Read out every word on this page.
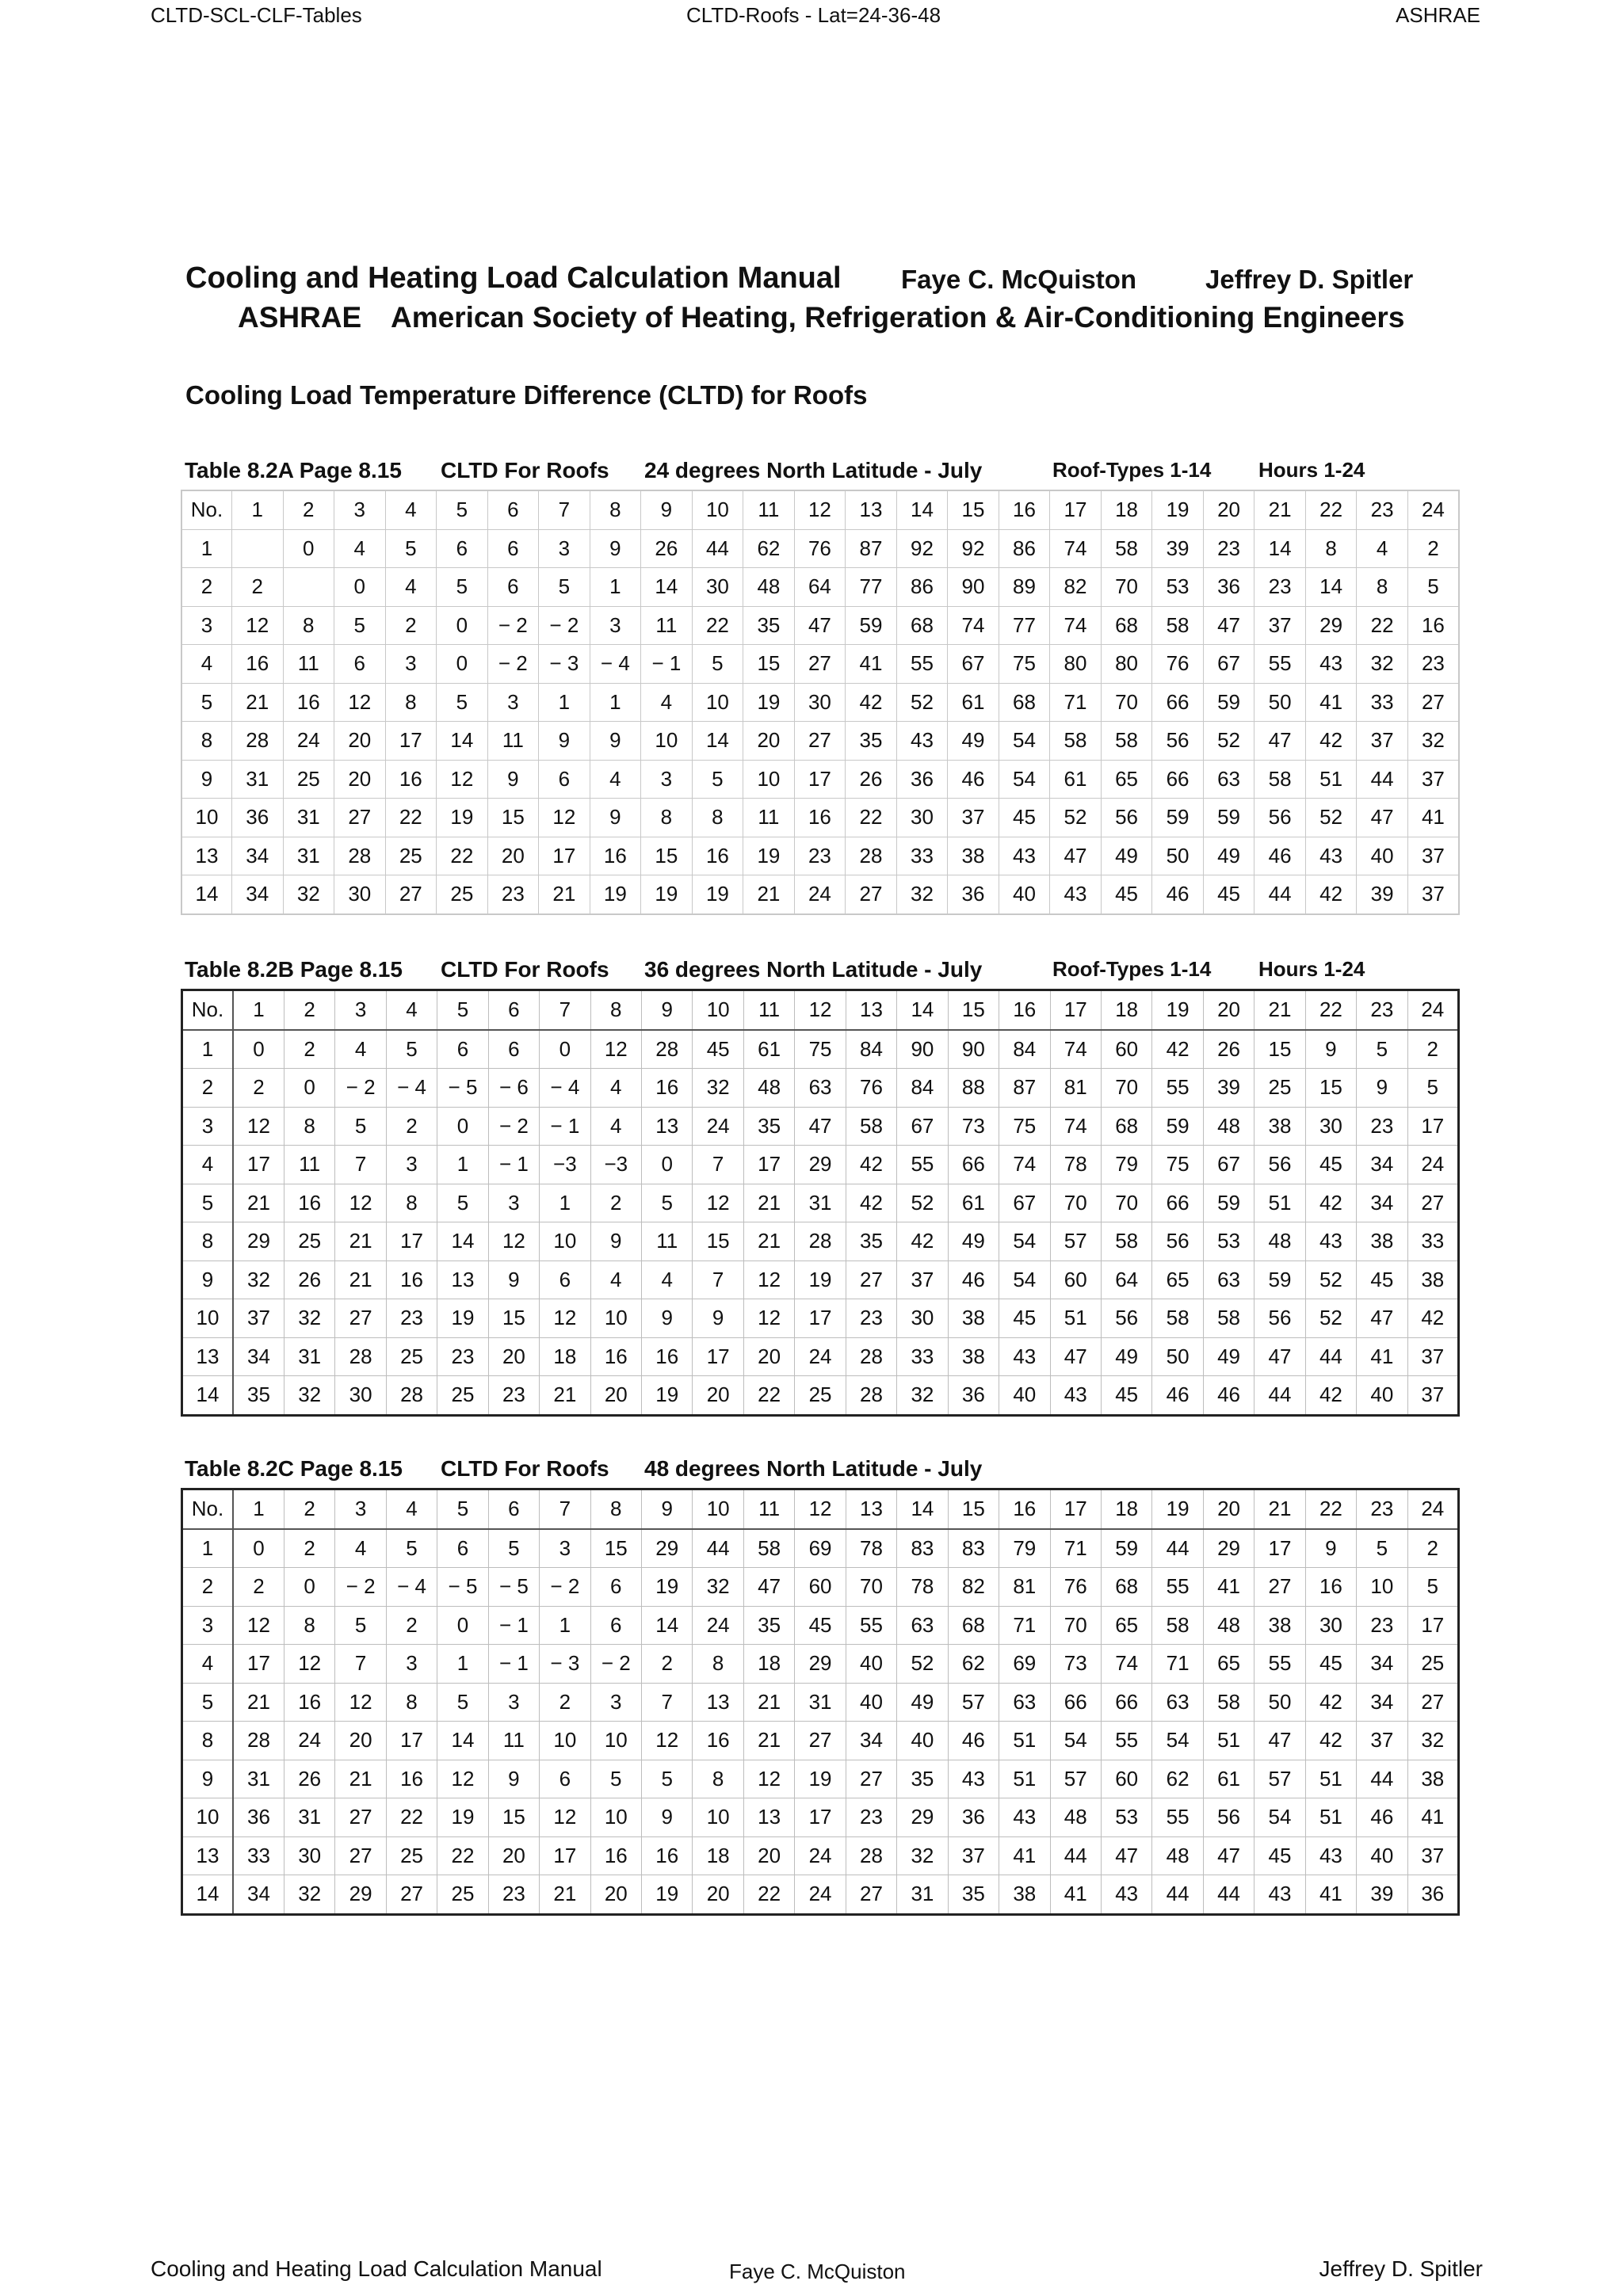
CLTD-SCL-CLF-Tables	CLTD-Roofs - Lat=24-36-48	ASHRAE
Cooling and Heating Load Calculation Manual Faye C. McQuiston	Jeffrey D. Spitler
ASHRAE American Society of Heating, Refrigeration & Air-Conditioning Engineers
Cooling Load Temperature Difference (CLTD) for Roofs
Table 8.2A Page 8.15 CLTD For Roofs 24 degrees North Latitude - July	Roof-Types 1-14 Hours 1-24
No.	1	2	3	4	5	6	7	8	9	10	11	12	13	14	15	16	17	18	19	20	21	22	23	24
1		0	4	5	6	6	3	9	26	44	62	76	87	92	92	86	74	58	39	23	14	8	4	2
2	2		0	4	5	6	5	1	14	30	48	64	77	86	90	89	82	70	53	36	23	14	8	5
3	12	8	5	2	0	− 2	− 2	3	11	22	35	47	59	68	74	77	74	68	58	47	37	29	22	16
4	16	11	6	3	0	− 2	− 3	− 4	− 1	5	15	27	41	55	67	75	80	80	76	67	55	43	32	23
5	21	16	12	8	5	3	1	1	4	10	19	30	42	52	61	68	71	70	66	59	50	41	33	27
8	28	24	20	17	14	11	9	9	10	14	20	27	35	43	49	54	58	58	56	52	47	42	37	32
9	31	25	20	16	12	9	6	4	3	5	10	17	26	36	46	54	61	65	66	63	58	51	44	37
10	36	31	27	22	19	15	12	9	8	8	11	16	22	30	37	45	52	56	59	59	56	52	47	41
13	34	31	28	25	22	20	17	16	15	16	19	23	28	33	38	43	47	49	50	49	46	43	40	37
14	34	32	30	27	25	23	21	19	19	19	21	24	27	32	36	40	43	45	46	45	44	42	39	37
Table 8.2B Page 8.15 CLTD For Roofs 36 degrees North Latitude - July	Roof-Types 1-14 Hours 1-24
No.	1	2	3	4	5	6	7	8	9	10	11	12	13	14	15	16	17	18	19	20	21	22	23	24
1	0	2	4	5	6	6	0	12	28	45	61	75	84	90	90	84	74	60	42	26	15	9	5	2
2	2	0	− 2	− 4	− 5	− 6	− 4	4	16	32	48	63	76	84	88	87	81	70	55	39	25	15	9	5
3	12	8	5	2	0	− 2	− 1	4	13	24	35	47	58	67	73	75	74	68	59	48	38	30	23	17
4	17	11	7	3	1	− 1	−3	−3	0	7	17	29	42	55	66	74	78	79	75	67	56	45	34	24
5	21	16	12	8	5	3	1	2	5	12	21	31	42	52	61	67	70	70	66	59	51	42	34	27
8	29	25	21	17	14	12	10	9	11	15	21	28	35	42	49	54	57	58	56	53	48	43	38	33
9	32	26	21	16	13	9	6	4	4	7	12	19	27	37	46	54	60	64	65	63	59	52	45	38
10	37	32	27	23	19	15	12	10	9	9	12	17	23	30	38	45	51	56	58	58	56	52	47	42
13	34	31	28	25	23	20	18	16	16	17	20	24	28	33	38	43	47	49	50	49	47	44	41	37
14	35	32	30	28	25	23	21	20	19	20	22	25	28	32	36	40	43	45	46	46	44	42	40	37
Table 8.2C Page 8.15 CLTD For Roofs 48 degrees North Latitude - July
No.	1	2	3	4	5	6	7	8	9	10	11	12	13	14	15	16	17	18	19	20	21	22	23	24
1	0	2	4	5	6	5	3	15	29	44	58	69	78	83	83	79	71	59	44	29	17	9	5	2
2	2	0	− 2	− 4	− 5	− 5	− 2	6	19	32	47	60	70	78	82	81	76	68	55	41	27	16	10	5
3	12	8	5	2	0	− 1	1	6	14	24	35	45	55	63	68	71	70	65	58	48	38	30	23	17
4	17	12	7	3	1	− 1	− 3	− 2	2	8	18	29	40	52	62	69	73	74	71	65	55	45	34	25
5	21	16	12	8	5	3	2	3	7	13	21	31	40	49	57	63	66	66	63	58	50	42	34	27
8	28	24	20	17	14	11	10	10	12	16	21	27	34	40	46	51	54	55	54	51	47	42	37	32
9	31	26	21	16	12	9	6	5	5	8	12	19	27	35	43	51	57	60	62	61	57	51	44	38
10	36	31	27	22	19	15	12	10	9	10	13	17	23	29	36	43	48	53	55	56	54	51	46	41
13	33	30	27	25	22	20	17	16	16	18	20	24	28	32	37	41	44	47	48	47	45	43	40	37
14	34	32	29	27	25	23	21	20	19	20	22	24	27	31	35	38	41	43	44	44	43	41	39	36
Cooling and Heating Load Calculation Manual	Faye C. McQuiston	Jeffrey D. Spitler
